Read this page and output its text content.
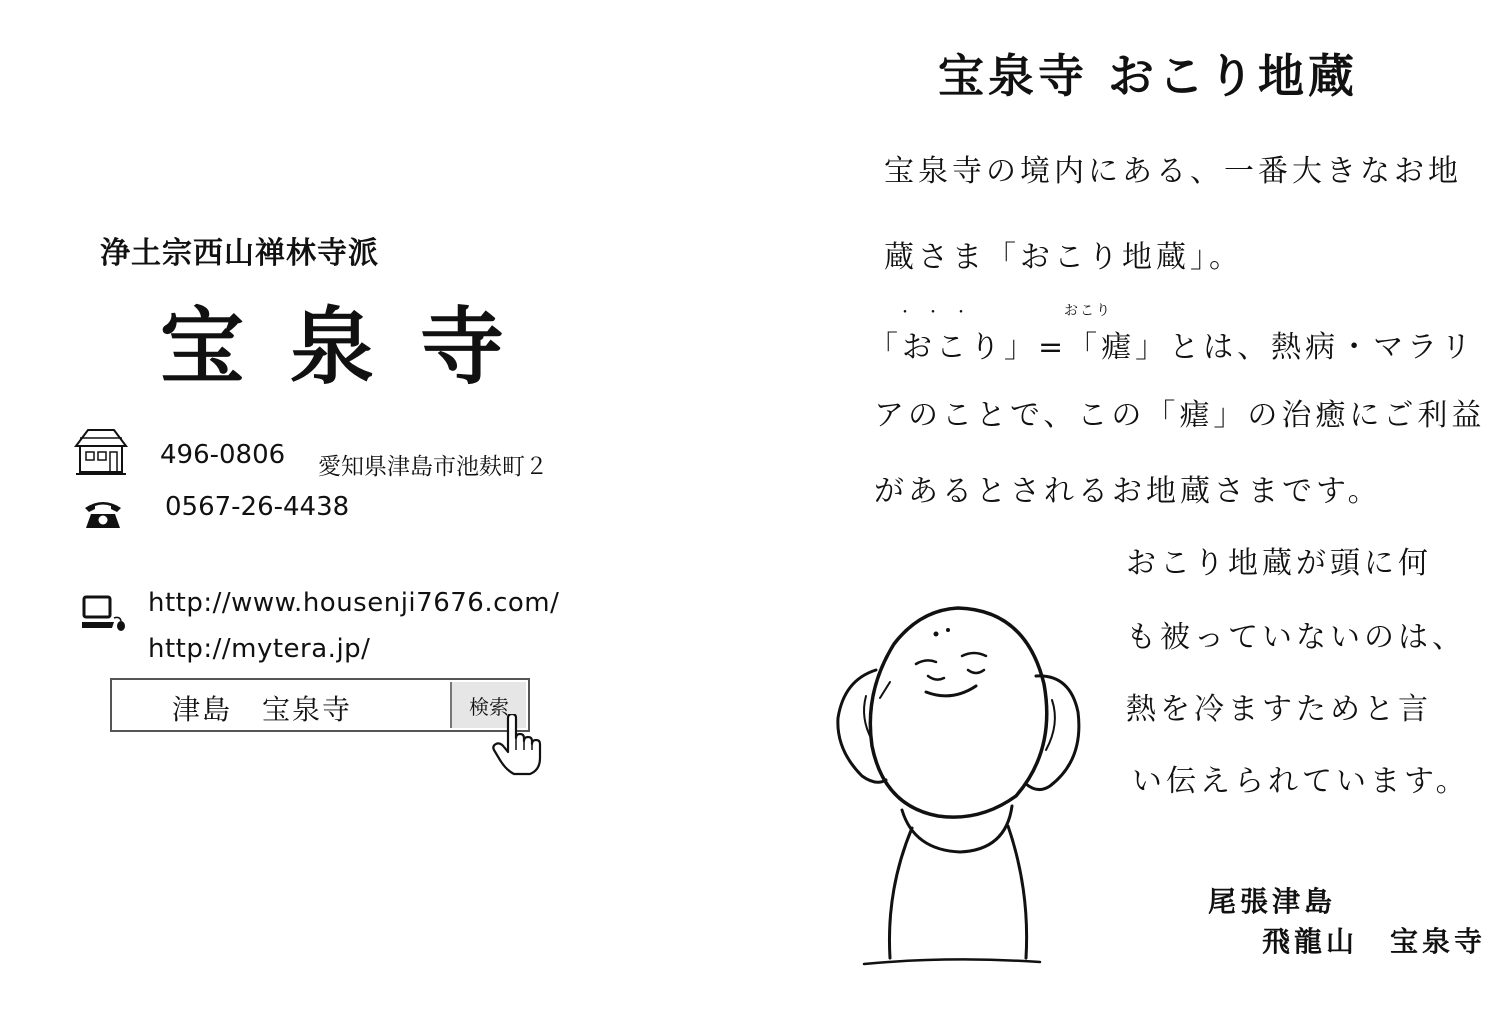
浄土宗西山禅林寺派
宝泉寺
496-0806 愛知県津島市池麸町２
0567-26-4438
http://www.housenji7676.com/
http://mytera.jp/
津島　宝泉寺	検索
宝泉寺 おこり地蔵
宝泉寺の境内にある、一番大きなお地
蔵さま「おこり地蔵」。
・​ ・ ・	おこり
「おこり」=「瘧」とは、熱病・マラリ
アのことで、この「瘧」の治癒にご利益
があるとされるお地蔵さまです。
おこり地蔵が頭に何
も被っていないのは、
熱を冷ますためと言
い伝えられています。
尾張津島
飛龍山　宝泉寺
